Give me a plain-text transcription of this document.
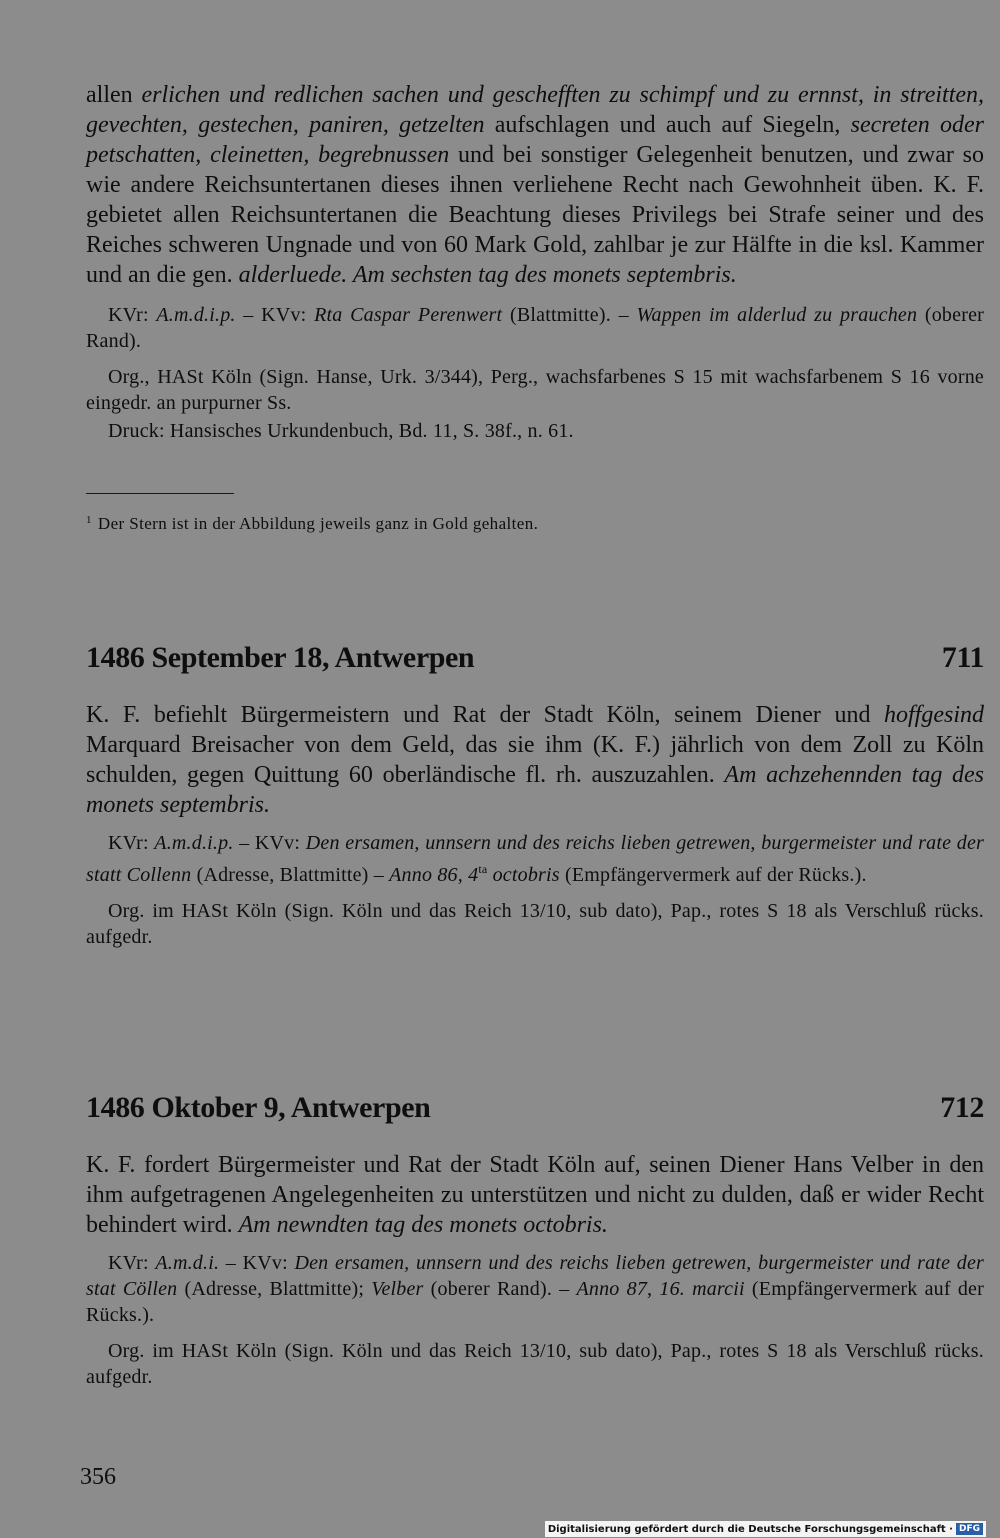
allen erlichen und redlichen sachen und geschefften zu schimpf und zu ernnst, in streitten, gevechten, gestechen, paniren, getzelten aufschlagen und auch auf Siegeln, secreten oder petschatten, cleinetten, begrebnussen und bei sonstiger Gelegenheit benutzen, und zwar so wie andere Reichsuntertanen dieses ihnen verliehene Recht nach Gewohnheit üben. K. F. gebietet allen Reichsuntertanen die Beachtung dieses Privilegs bei Strafe seiner und des Reiches schweren Ungnade und von 60 Mark Gold, zahlbar je zur Hälfte in die ksl. Kammer und an die gen. alderluede. Am sechsten tag des monets septembris.

KVr: A.m.d.i.p. – KVv: Rta Caspar Perenwert (Blattmitte). – Wappen im alderlud zu prauchen (oberer Rand).

Org., HASt Köln (Sign. Hanse, Urk. 3/344), Perg., wachsfarbenes S 15 mit wachsfarbenem S 16 vorne eingedr. an purpurner Ss.

Druck: Hansisches Urkundenbuch, Bd. 11, S. 38f., n. 61.

$^1$ Der Stern ist in der Abbildung jeweils ganz in Gold gehalten.
1486 September 18, Antwerpen	711

K. F. befiehlt Bürgermeistern und Rat der Stadt Köln, seinem Diener und hoffgesind Marquard Breisacher von dem Geld, das sie ihm (K. F.) jährlich von dem Zoll zu Köln schulden, gegen Quittung 60 oberländische fl. rh. auszuzahlen. Am achzehennden tag des monets septembris.

KVr: A.m.d.i.p. – KVv: Den ersamen, unnsern und des reichs lieben getrewen, burgermeister und rate der statt Collenn (Adresse, Blattmitte) – Anno 86, $4^{ta}$ octobris (Empfängervermerk auf der Rücks.).

Org. im HASt Köln (Sign. Köln und das Reich 13/10, sub dato), Pap., rotes S 18 als Verschluß rücks. aufgedr.

1486 Oktober 9, Antwerpen	712

K. F. fordert Bürgermeister und Rat der Stadt Köln auf, seinen Diener Hans Velber in den ihm aufgetragenen Angelegenheiten zu unterstützen und nicht zu dulden, daß er wider Recht behindert wird. Am newndten tag des monets octobris.

KVr: A.m.d.i. – KVv: Den ersamen, unnsern und des reichs lieben getrewen, burgermeister und rate der stat Cöllen (Adresse, Blattmitte); Velber (oberer Rand). – Anno 87, 16. marcii (Empfängervermerk auf der Rücks.).

Org. im HASt Köln (Sign. Köln und das Reich 13/10, sub dato), Pap., rotes S 18 als Verschluß rücks. aufgedr.

356
Digitalisierung gefördert durch die Deutsche Forschungsgemeinschaft · DFG
